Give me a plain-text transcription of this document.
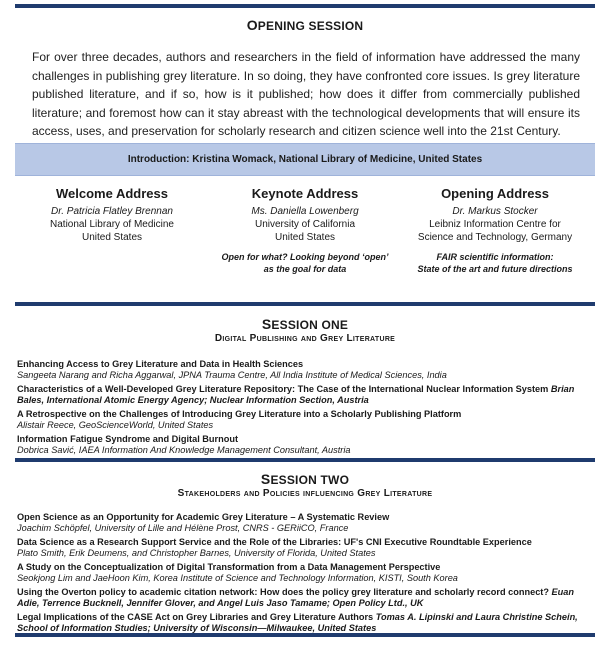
OPENING SESSION

For over three decades, authors and researchers in the field of information have addressed the many challenges in publishing grey literature. In so doing, they have confronted core issues. Is grey literature published literature, and if so, how is it published; how does it differ from commercially published literature; and foremost how can it stay abreast with the technological developments that will ensure its access, uses, and preservation for scholarly research and citizen science well into the 21st Century.

Introduction: Kristina Womack, National Library of Medicine, United States
Welcome Address
Dr. Patricia Flatley Brennan
National Library of Medicine
United States
Keynote Address
Ms. Daniella Lowenberg
University of California
United States
Open for what? Looking beyond ‘open’
as the goal for data
Opening Address
Dr. Markus Stocker
Leibniz Information Centre for
Science and Technology, Germany
FAIR scientific information:
State of the art and future directions
SESSION ONE
Digital Publishing and Grey Literature
Enhancing Access to Grey Literature and Data in Health Sciences
Sangeeta Narang and Richa Aggarwal, JPNA Trauma Centre, All India Institute of Medical Sciences, India
Characteristics of a Well-Developed Grey Literature Repository: The Case of the International Nuclear Information System Brian Bales, International Atomic Energy Agency; Nuclear Information Section, Austria
A Retrospective on the Challenges of Introducing Grey Literature into a Scholarly Publishing Platform
Alistair Reece, GeoScienceWorld, United States
Information Fatigue Syndrome and Digital Burnout
Dobrica Savić, IAEA Information And Knowledge Management Consultant, Austria
SESSION TWO
Stakeholders and Policies influencing Grey Literature
Open Science as an Opportunity for Academic Grey Literature – A Systematic Review
Joachim Schöpfel, University of Lille and Hélène Prost, CNRS - GERiiCO, France
Data Science as a Research Support Service and the Role of the Libraries: UF's CNI Executive Roundtable Experience
Plato Smith, Erik Deumens, and Christopher Barnes, University of Florida, United States
A Study on the Conceptualization of Digital Transformation from a Data Management Perspective
Seokjong Lim and JaeHoon Kim, Korea Institute of Science and Technology Information, KISTI, South Korea
Using the Overton policy to academic citation network: How does the policy grey literature and scholarly record connect? Euan Adie, Terrence Bucknell, Jennifer Glover, and Angel Luis Jaso Tamame; Open Policy Ltd., UK
Legal Implications of the CASE Act on Grey Libraries and Grey Literature Authors Tomas A. Lipinski and Laura Christine Schein, School of Information Studies; University of Wisconsin—Milwaukee, United States
